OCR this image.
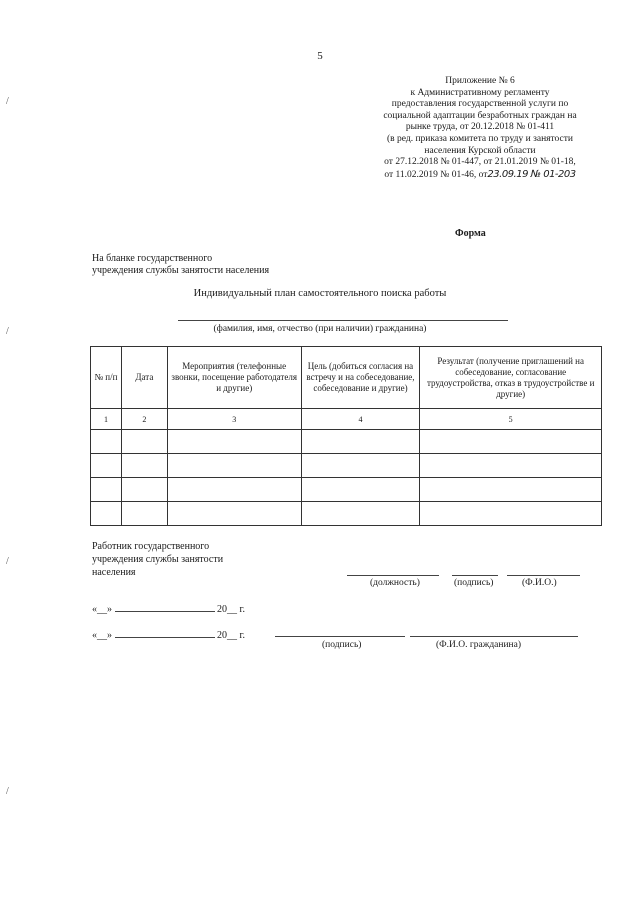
5
/
/
/
/
Приложение № 6
к Административному регламенту
предоставления государственной услуги по
социальной адаптации безработных граждан на
рынке труда, от 20.12.2018 № 01-411
(в ред. приказа комитета по труду и занятости
населения Курской области
от 27.12.2018 № 01-447, от 21.01.2019 № 01-18,
от 11.02.2019 № 01-46, от23.09.19 № 01-203
Форма
На бланке государственного
учреждения службы занятости населения
Индивидуальный план самостоятельного поиска работы
(фамилия, имя, отчество (при наличии) гражданина)
№ п/п	Дата	Мероприятия (телефонные звонки, посещение работодателя и другие)	Цель (добиться согласия на встречу и на собеседование, собеседование и другие)	Результат (получение приглашений на собеседование, согласование трудоустройства, отказ в трудоустройстве и другие)
1	2	3	4	5

Работник государственного
учреждения службы занятости
населения
(должность)	(подпись)	(Ф.И.О.)
«__»	20__ г.
«__»	20__ г.
(подпись)	(Ф.И.О. гражданина)
